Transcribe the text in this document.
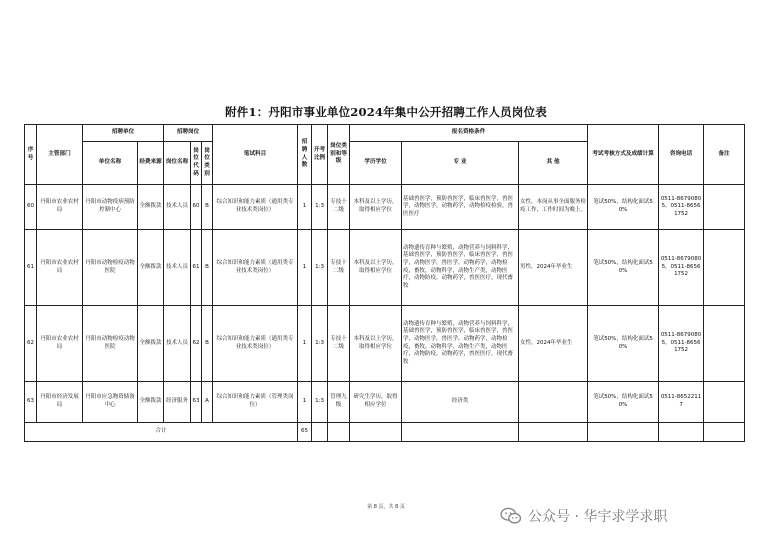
附件1：丹阳市事业单位2024年集中公开招聘工作人员岗位表
序号	主管部门	招聘单位		招聘岗位			笔试科目	招聘人数	开考比例	岗位类别和等级	报名资格条件			考试考核方式及成绩计算	咨询电话	备注
		单位名称	经费来源	岗位名称	岗位代码	岗位类别					学历学位	专 业	其 他			
60	丹阳市农业农村局	丹阳市动物疫病预防控制中心	全额拨款	技术人员	60	B	综合知识和能力素质（通用类专业技术类岗位）	1	1:3	专技十二级	本科及以上学历，取得相应学位	基础兽医学，预防兽医学，临床兽医学，兽医学，动物医学，动物药学，动物检疫检验，兽医医疗	女性，本岗从事全面服务检疫工作，工作时间为晚上。	笔试50%，结构化面试50%	0511-86790805，0511-86561752	
61	丹阳市农业农村局	丹阳市动物检疫动物医院	全额拨款	技术人员	61	B	综合知识和能力素质（通用类专业技术类岗位）	1	1:3	专技十二级	本科及以上学历，取得相应学位	动物遗传育种与繁殖，动物营养与饲料科学，基础兽医学，预防兽医学，临床兽医学，兽医学，动物医学，兽医学，动物药学，动物检疫，畜牧，动物科学，动物生产类，动物医疗，动物防疫，动物药学，兽医医疗，现代畜牧	男性，2024年毕业生	笔试50%，结构化面试50%	0511-86790805，0511-86561752	
62	丹阳市农业农村局	丹阳市动物检疫动物医院	全额拨款	技术人员	62	B	综合知识和能力素质（通用类专业技术类岗位）	1	1:3	专技十二级	本科及以上学历，取得相应学位	动物遗传育种与繁殖，动物营养与饲料科学，基础兽医学，预防兽医学，临床兽医学，兽医学，动物医学，兽医学，动物药学，动物检疫，畜牧，动物科学，动物生产类，动物医疗，动物防疫，动物药学，兽医医疗，现代畜牧	女性，2024年毕业生	笔试50%，结构化面试50%	0511-86790805，0511-86561752	
63	丹阳市经济发展局	丹阳市应急物资储备中心	全额拨款	经济服务	63	A	综合知识和能力素质（管理类岗位）	1	1:3	管理九级	研究生学历，取得相应学位	经济类		笔试50%，结构化面试50%	0511-86522117	
合计								65								
第 8 页，共 8 页
公众号 · 华宇求学求职
